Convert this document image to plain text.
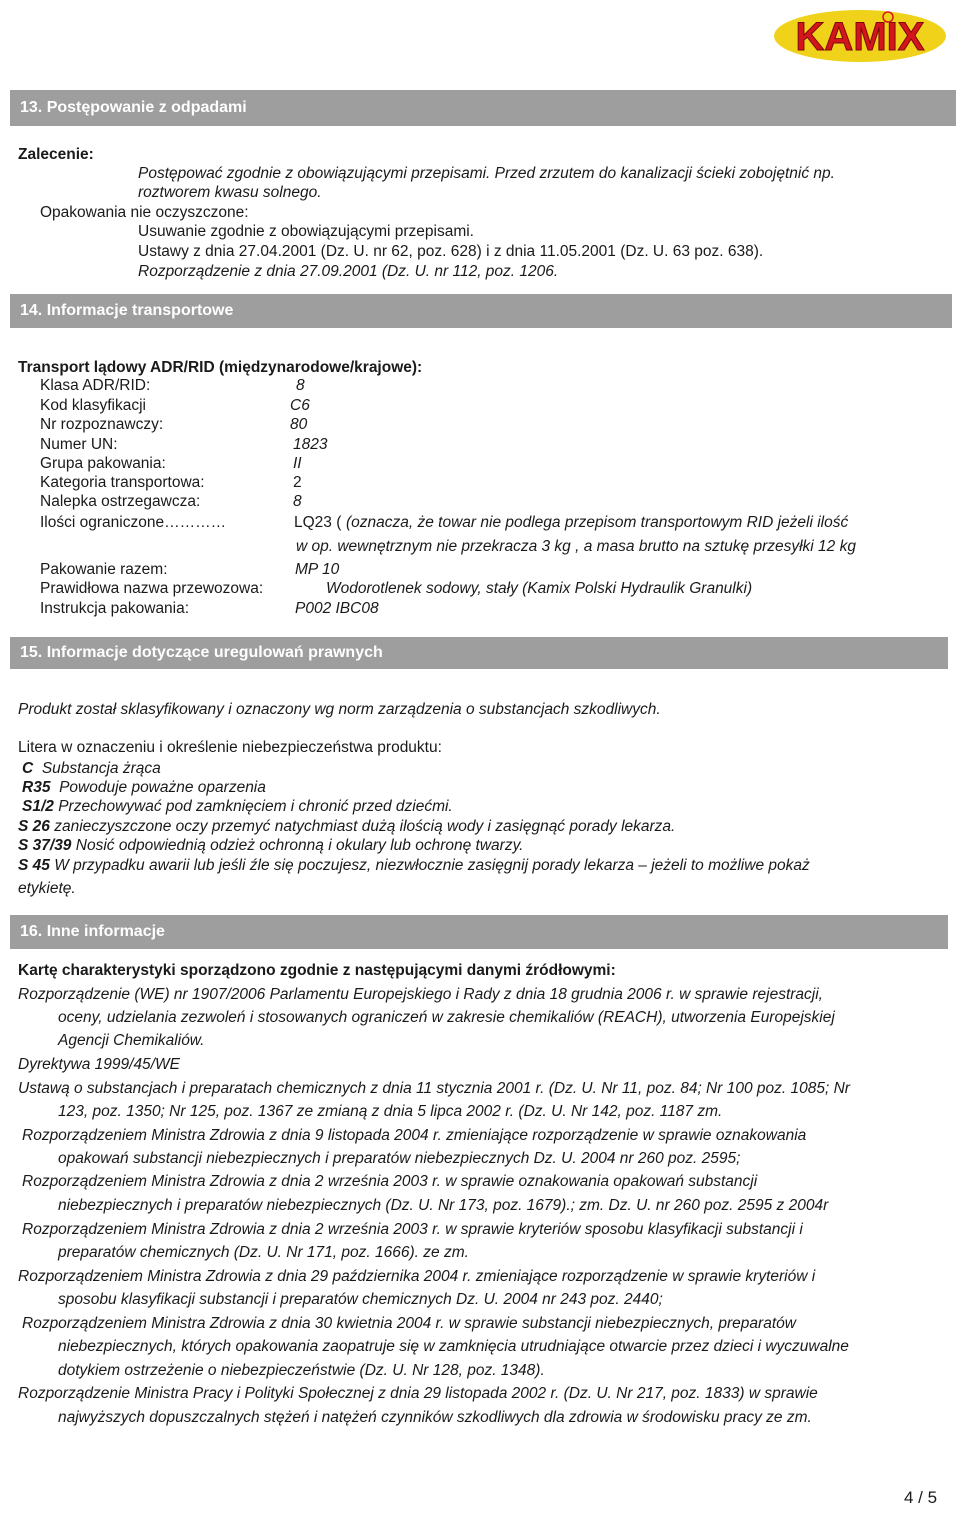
KAMIX
13. Postępowanie z odpadami
Zalecenie:
Postępować zgodnie z obowiązującymi przepisami. Przed zrzutem do kanalizacji ścieki zobojętnić np.
roztworem kwasu solnego.
Opakowania nie oczyszczone:
Usuwanie zgodnie z obowiązującymi przepisami.
Ustawy z dnia 27.04.2001 (Dz. U. nr 62, poz. 628) i z dnia 11.05.2001 (Dz. U. 63 poz. 638).
Rozporządzenie z dnia 27.09.2001 (Dz. U. nr 112, poz. 1206.
14. Informacje transportowe
Transport lądowy ADR/RID (międzynarodowe/krajowe):
Klasa ADR/RID:	8
Kod klasyfikacji	C6
Nr rozpoznawczy:	80
Numer UN:	1823
Grupa pakowania:	II
Kategoria transportowa:	2
Nalepka ostrzegawcza:	8
Ilości ograniczone…………	LQ23 ( (oznacza, że towar nie podlega przepisom transportowym RID jeżeli ilość
w op. wewnętrznym nie przekracza 3 kg , a masa brutto na sztukę przesyłki 12 kg
Pakowanie razem:	MP 10
Prawidłowa nazwa przewozowa:	Wodorotlenek sodowy, stały (Kamix Polski Hydraulik Granulki)
Instrukcja pakowania:	P002 IBC08
15. Informacje dotyczące uregulowań prawnych
Produkt został sklasyfikowany i oznaczony wg norm zarządzenia o substancjach szkodliwych.
Litera w oznaczeniu i określenie niebezpieczeństwa produktu:
C Substancja żrąca
R35 Powoduje poważne oparzenia
S1/2 Przechowywać pod zamknięciem i chronić przed dziećmi.
S 26 zanieczyszczone oczy przemyć natychmiast dużą ilością wody i zasięgnąć porady lekarza.
S 37/39 Nosić odpowiednią odzież ochronną i okulary lub ochronę twarzy.
S 45 W przypadku awarii lub jeśli źle się poczujesz, niezwłocznie zasięgnij porady lekarza – jeżeli to możliwe pokaż
etykietę.
16. Inne informacje
Kartę charakterystyki sporządzono zgodnie z następującymi danymi źródłowymi:
Rozporządzenie (WE) nr 1907/2006 Parlamentu Europejskiego i Rady z dnia 18 grudnia 2006 r. w sprawie rejestracji,
oceny, udzielania zezwoleń i stosowanych ograniczeń w zakresie chemikaliów (REACH), utworzenia Europejskiej
Agencji Chemikaliów.
Dyrektywa 1999/45/WE
Ustawą o substancjach i preparatach chemicznych z dnia 11 stycznia 2001 r. (Dz. U. Nr 11, poz. 84; Nr 100 poz. 1085; Nr
123, poz. 1350; Nr 125, poz. 1367 ze zmianą z dnia 5 lipca 2002 r. (Dz. U. Nr 142, poz. 1187 zm.
Rozporządzeniem Ministra Zdrowia z dnia 9 listopada 2004 r. zmieniające rozporządzenie w sprawie oznakowania
opakowań substancji niebezpiecznych i preparatów niebezpiecznych Dz. U. 2004 nr 260 poz. 2595;
Rozporządzeniem Ministra Zdrowia z dnia 2 września 2003 r. w sprawie oznakowania opakowań substancji
niebezpiecznych i preparatów niebezpiecznych (Dz. U. Nr 173, poz. 1679).; zm. Dz. U. nr 260 poz. 2595 z 2004r
Rozporządzeniem Ministra Zdrowia z dnia 2 września 2003 r. w sprawie kryteriów sposobu klasyfikacji substancji i
preparatów chemicznych (Dz. U. Nr 171, poz. 1666). ze zm.
Rozporządzeniem Ministra Zdrowia z dnia 29 października 2004 r. zmieniające rozporządzenie w sprawie kryteriów i
sposobu klasyfikacji substancji i preparatów chemicznych Dz. U. 2004 nr 243 poz. 2440;
Rozporządzeniem Ministra Zdrowia z dnia 30 kwietnia 2004 r. w sprawie substancji niebezpiecznych, preparatów
niebezpiecznych, których opakowania zaopatruje się w zamknięcia utrudniające otwarcie przez dzieci i wyczuwalne
dotykiem ostrzeżenie o niebezpieczeństwie (Dz. U. Nr 128, poz. 1348).
Rozporządzenie Ministra Pracy i Polityki Społecznej z dnia 29 listopada 2002 r. (Dz. U. Nr 217, poz. 1833) w sprawie
najwyższych dopuszczalnych stężeń i natężeń czynników szkodliwych dla zdrowia w środowisku pracy ze zm.
4 / 5
